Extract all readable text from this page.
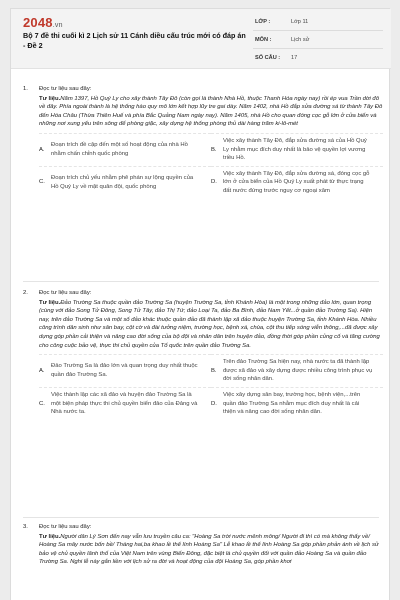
2048.vn
Bộ 7 đề thi cuối kì 2 Lịch sử 11 Cánh diều cấu trúc mới có đáp án - Đề 2
LỚP :	Lớp 11
MÔN :	Lịch sử
SỐ CÂU :	17
1.	Đọc tư liệu sau đây:
Tư liệu.Năm 1397, Hồ Quý Ly cho xây thành Tây Đô (còn gọi là thành Nhà Hồ, thuộc Thanh Hóa ngày nay) rồi ép vua Trần dời đô về đây. Phía ngoài thành là hệ thống hào quy mô lớn kết hợp lũy tre gai dày. Năm 1402, nhà Hồ đắp sửa đường sá từ thành Tây Đô đến Hóa Châu (Thừa Thiên Huế và phía Bắc Quảng Nam ngày nay). Năm 1405, nhà Hồ cho quan đóng cọc gỗ lớn ở cửa biển và những nơi xung yếu trên sông để phòng giặc, xây dựng hệ thống phòng thủ dài hàng trăm ki-lô-mét
A.
Đoạn trích đề cập đến một số hoạt động của nhà Hồ nhằm chấn chỉnh quốc phòng
B.
Việc xây thành Tây Đô, đắp sửa đường sá của Hồ Quý Ly nhằm mục đích duy nhất là bảo vệ quyền lợi vương triều Hồ.
C.
Đoạn trích chủ yếu nhằm phê phán sự lộng quyền của Hồ Quý Ly về mặt quân đội, quốc phòng
D.
Việc xây thành Tây Đô, đắp sửa đường sá, đóng cọc gỗ lớn ở cửa biển của Hồ Quý Ly xuất phát từ thực trạng đất nước đứng trước nguy cơ ngoại xâm
2.	Đọc tư liệu sau đây:
Tư liệu.Đảo Trường Sa thuộc quần đảo Trường Sa (huyện Trường Sa, tỉnh Khánh Hòa) là một trong những đảo lớn, quan trọng (cùng với đảo Song Tử Đông, Song Tử Tây, đảo Thị Tứ; đảo Loại Ta, đảo Ba Bình, đảo Nam Yết...ở quần đảo Trường Sa). Hiện nay, trên đảo Trường Sa và một số đảo khác thuộc quần đảo đã thành lập xã đảo thuộc huyện Trường Sa, tỉnh Khánh Hòa. Nhiều công trình dân sinh như sân bay, cột cờ và đài tưởng niệm, trường học, bệnh xá, chùa, cột thu tiếp sóng viễn thông,...đã được xây dựng góp phần cải thiện và nâng cao đời sống của bộ đội và nhân dân trên huyện đảo, đồng thời góp phần củng cố và tăng cường cho công cuộc bảo vệ, thực thi chủ quyền của Tổ quốc trên quần đảo Trường Sa.
A.
Đảo Trường Sa là đảo lớn và quan trọng duy nhất thuộc quần đảo Trường Sa.
B.
Trên đảo Trường Sa hiện nay, nhà nước ta đã thành lập được xã đảo và xây dựng được nhiều công trình phục vụ đời sống nhân dân.
C.
Việc thành lập các xã đảo và huyện đảo Trường Sa là một biện pháp thực thi chủ quyền biển đảo của Đảng và Nhà nước ta.
D.
Việc xây dựng sân bay, trường học, bệnh viện,...trên quần đảo Trường Sa nhằm mục đích duy nhất là cải thiện và nâng cao đời sống nhân dân.
3.	Đọc tư liệu sau đây:
Tư liệu.Người dân Lý Sơn đến nay vẫn lưu truyền câu ca: "Hoàng Sa trời nước mênh mông/ Người đi thì có mà không thấy về/ Hoàng Sa mây nước bốn bề/ Tháng hai,ba khao lề thế lính Hoàng Sa" Lễ khao lề thế lính Hoàng Sa góp phần phản ánh về lịch sử bảo vệ chủ quyền lãnh thổ của Việt Nam trên vùng Biển Đông, đặc biệt là chủ quyền đối với quần đảo Hoàng Sa và quần đảo Trường Sa. Nghi lễ này gắn liền với lịch sử ra đời và hoạt động của đội Hoàng Sa, góp phần khơi
